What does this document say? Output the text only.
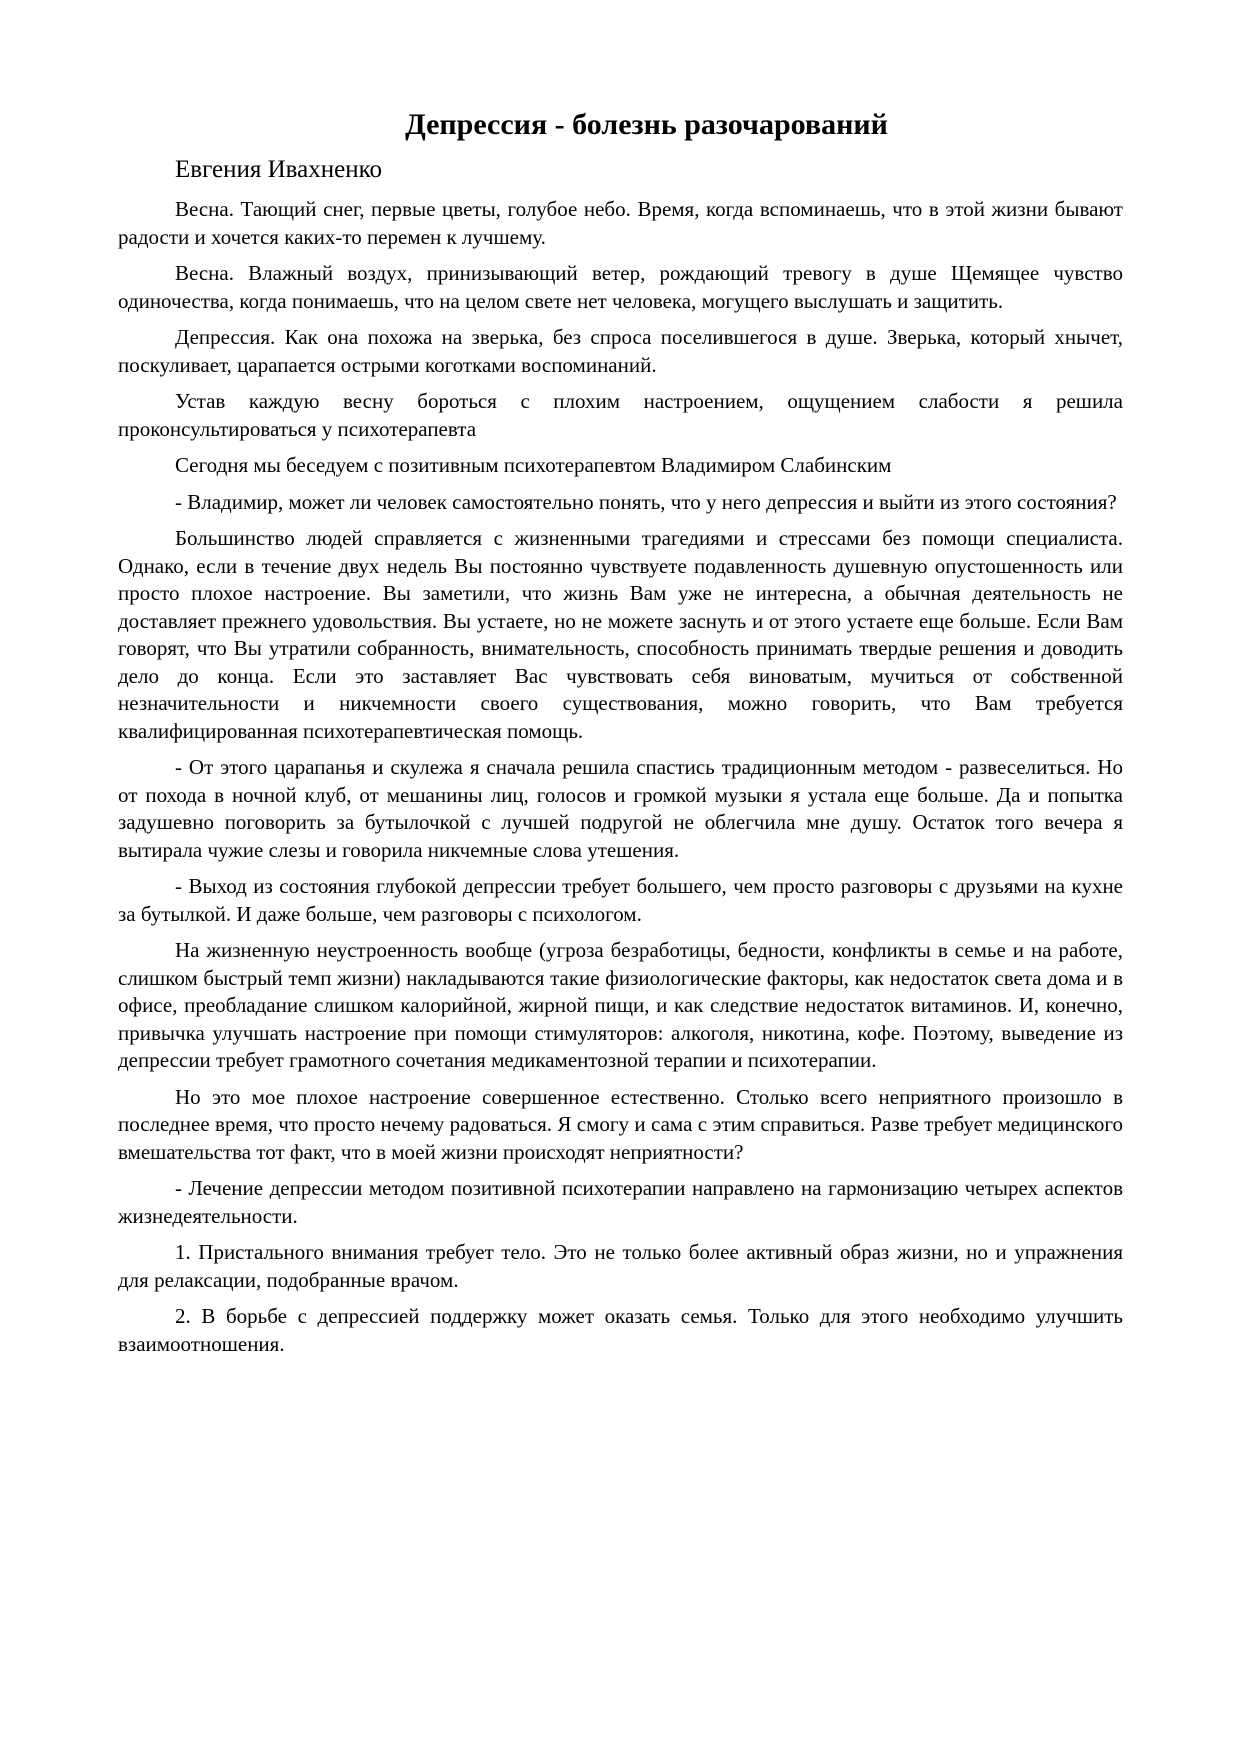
Депрессия - болезнь разочарований

Евгения Ивахненко

Весна. Тающий снег, первые цветы, голубое небо. Время, когда вспоминаешь, что в этой жизни бывают радости и хочется каких-то перемен к лучшему.

Весна. Влажный воздух, принизывающий ветер, рождающий тревогу в душе Щемящее чувство одиночества, когда понимаешь, что на целом свете нет человека, могущего выслушать и защитить.

Депрессия. Как она похожа на зверька, без спроса поселившегося в душе. Зверька, который хнычет, поскуливает, царапается острыми коготками воспоминаний.

Устав каждую весну бороться с плохим настроением, ощущением слабости я решила проконсультироваться у психотерапевта

Сегодня мы беседуем с позитивным психотерапевтом Владимиром Слабинским

- Владимир, может ли человек самостоятельно понять, что у него депрессия и выйти из этого состояния?

Большинство людей справляется с жизненными трагедиями и стрессами без помощи специалиста. Однако, если в течение двух недель Вы постоянно чувствуете подавленность душевную опустошенность или просто плохое настроение. Вы заметили, что жизнь Вам уже не интересна, а обычная деятельность не доставляет прежнего удовольствия. Вы устаете, но не можете заснуть и от этого устаете еще больше. Если Вам говорят, что Вы утратили собранность, внимательность, способность принимать твердые решения и доводить дело до конца. Если это заставляет Вас чувствовать себя виноватым, мучиться от собственной незначительности и никчемности своего существования, можно говорить, что Вам требуется квалифицированная психотерапевтическая помощь.

- От этого царапанья и скулежа я сначала решила спастись традиционным методом - развеселиться. Но от похода в ночной клуб, от мешанины лиц, голосов и громкой музыки я устала еще больше. Да и попытка задушевно поговорить за бутылочкой с лучшей подругой не облегчила мне душу. Остаток того вечера я вытирала чужие слезы и говорила никчемные слова утешения.

- Выход из состояния глубокой депрессии требует большего, чем просто разговоры с друзьями на кухне за бутылкой. И даже больше, чем разговоры с психологом.

На жизненную неустроенность вообще (угроза безработицы, бедности, конфликты в семье и на работе, слишком быстрый темп жизни) накладываются такие физиологические факторы, как недостаток света дома и в офисе, преобладание слишком калорийной, жирной пищи, и как следствие недостаток витаминов. И, конечно, привычка улучшать настроение при помощи стимуляторов: алкоголя, никотина, кофе. Поэтому, выведение из депрессии требует грамотного сочетания медикаментозной терапии и психотерапии.

Но это мое плохое настроение совершенное естественно. Столько всего неприятного произошло в последнее время, что просто нечему радоваться. Я смогу и сама с этим справиться. Разве требует медицинского вмешательства тот факт, что в моей жизни происходят неприятности?

- Лечение депрессии методом позитивной психотерапии направлено на гармонизацию четырех аспектов жизнедеятельности.

1. Пристального внимания требует тело. Это не только более активный образ жизни, но и упражнения для релаксации, подобранные врачом.

2. В борьбе с депрессией поддержку может оказать семья. Только для этого необходимо улучшить взаимоотношения.
